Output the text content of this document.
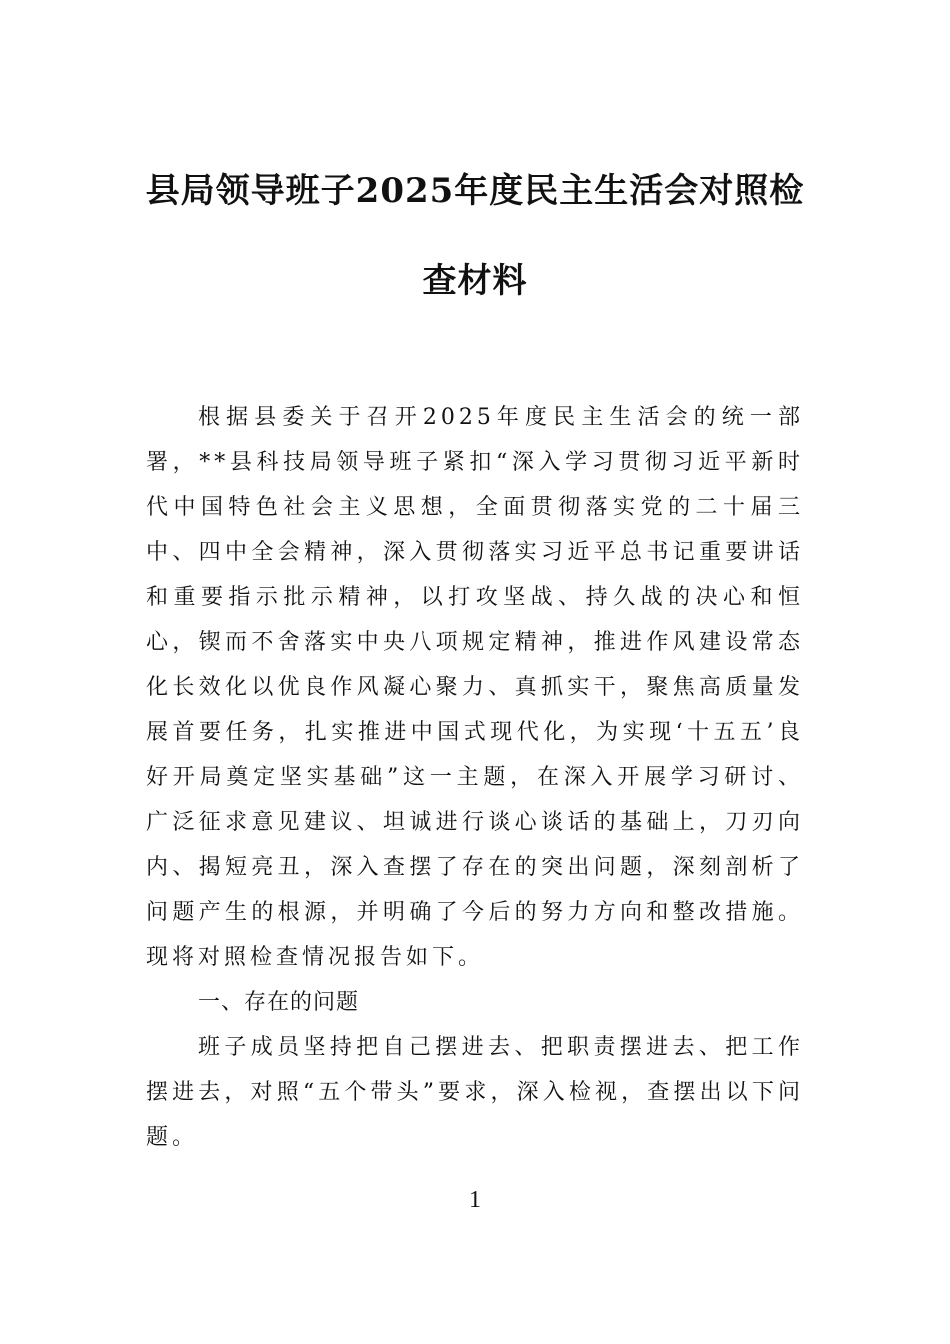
县局领导班子2025年度民主生活会对照检
查材料

根据县委关于召开2025年度民主生活会的统一部署，**县科技局领导班子紧扣“深入学习贯彻习近平新时代中国特色社会主义思想，全面贯彻落实党的二十届三中、四中全会精神，深入贯彻落实习近平总书记重要讲话和重要指示批示精神，以打攻坚战、持久战的决心和恒心，锲而不舍落实中央八项规定精神，推进作风建设常态化长效化以优良作风凝心聚力、真抓实干，聚焦高质量发展首要任务，扎实推进中国式现代化，为实现‘十五五’良好开局奠定坚实基础”这一主题，在深入开展学习研讨、广泛征求意见建议、坦诚进行谈心谈话的基础上，刀刃向内、揭短亮丑，深入查摆了存在的突出问题，深刻剖析了问题产生的根源，并明确了今后的努力方向和整改措施。现将对照检查情况报告如下。

一、存在的问题

班子成员坚持把自己摆进去、把职责摆进去、把工作摆进去，对照“五个带头”要求，深入检视，查摆出以下问题。

1
